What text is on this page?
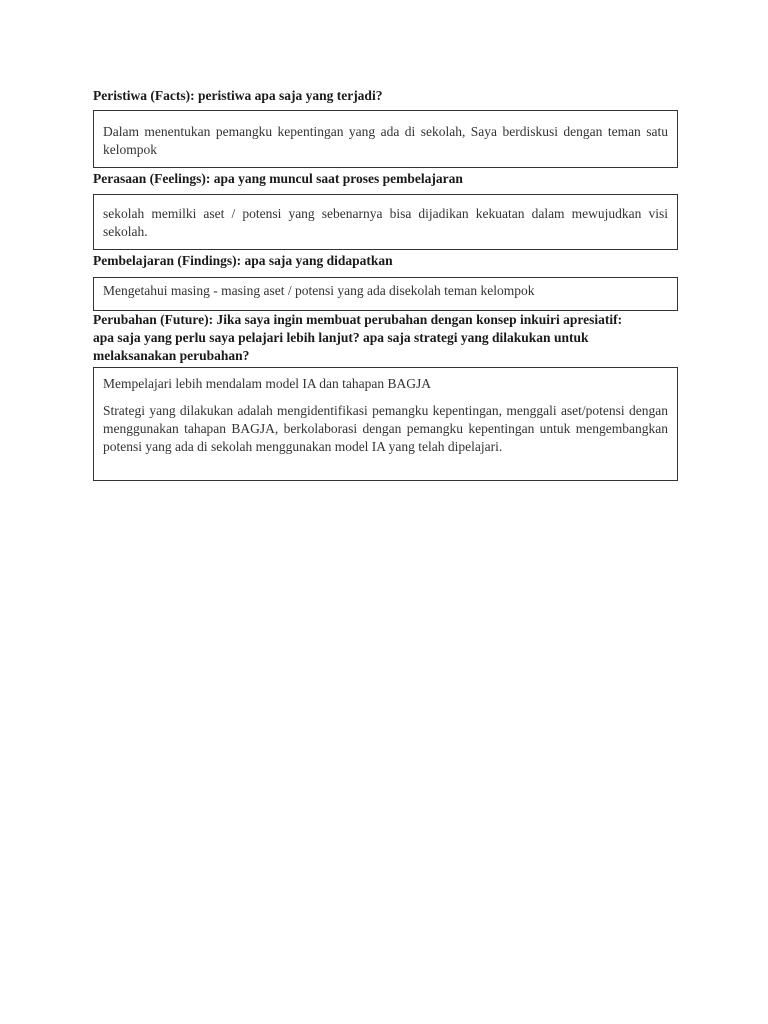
Peristiwa (Facts): peristiwa apa saja yang terjadi?

Dalam menentukan pemangku kepentingan yang ada di sekolah, Saya berdiskusi dengan teman satu kelompok

Perasaan (Feelings): apa yang muncul saat proses pembelajaran

sekolah memilki aset / potensi yang sebenarnya bisa dijadikan kekuatan dalam mewujudkan visi sekolah.

Pembelajaran (Findings): apa saja yang didapatkan

Mengetahui masing - masing aset / potensi yang ada disekolah teman kelompok

Perubahan (Future): Jika saya ingin membuat perubahan dengan konsep inkuiri apresiatif: apa saja yang perlu saya pelajari lebih lanjut? apa saja strategi yang dilakukan untuk melaksanakan perubahan?

Mempelajari lebih mendalam model IA dan tahapan BAGJA

Strategi yang dilakukan adalah mengidentifikasi pemangku kepentingan, menggali aset/potensi dengan menggunakan tahapan BAGJA, berkolaborasi dengan pemangku kepentingan untuk mengembangkan potensi yang ada di sekolah menggunakan model IA yang telah dipelajari.
